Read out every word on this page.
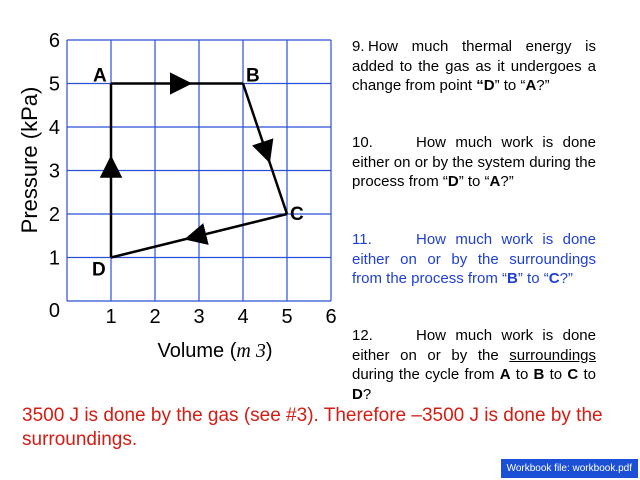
1 2 3 4 5 6
1
2
3
4
5
6
0
A	B
C
D
Pressure (kPa)
Volume (m 3)
9. How much thermal energy is added to the gas as it undergoes a change from point “D” to “A?”
10.	How much work is done either on or by the system during the process from “D” to “A?”
11.	How much work is done either on or by the surroundings from the process from “B” to “C?”
12.	How much work is done either on or by the surroundings during the cycle from A to B to C to D?
3500 J is done by the gas (see #3). Therefore –3500 J is done by the surroundings.
Workbook file: workbook.pdf
